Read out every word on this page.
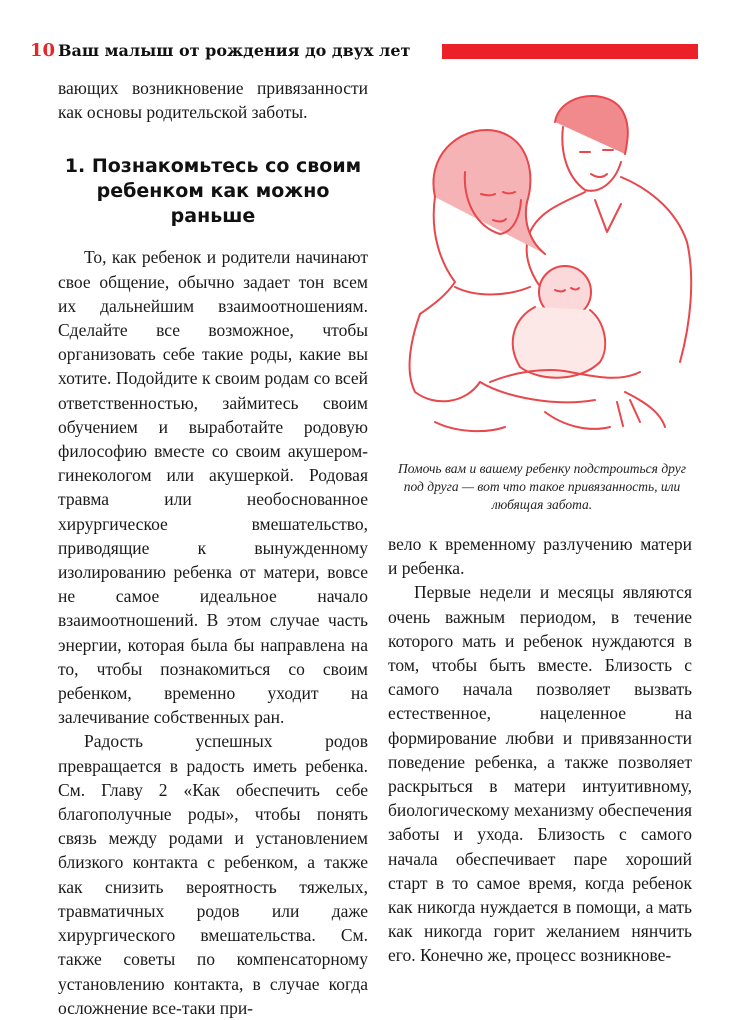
10 Ваш малыш от рождения до двух лет

вающих возникновение привязанности как основы родительской заботы.

1. Познакомьтесь со своим ребенком как можно раньше

То, как ребенок и родители начинают свое общение, обычно задает тон всем их дальнейшим взаимоотношениям. Сделайте все возможное, чтобы организовать себе такие роды, какие вы хотите. Подойдите к своим родам со всей ответственностью, займитесь своим обучением и выработайте родовую философию вместе со своим акушером-гинекологом или акушеркой. Родовая травма или необоснованное хирургическое вмешательство, приводящие к вынужденному изолированию ребенка от матери, вовсе не самое идеальное начало взаимоотношений. В этом случае часть энергии, которая была бы направлена на то, чтобы познакомиться со своим ребенком, временно уходит на залечивание собственных ран.

Радость успешных родов превращается в радость иметь ребенка. См. Главу 2 «Как обеспечить себе благополучные роды», чтобы понять связь между родами и установлением близкого контакта с ребенком, а также как снизить вероятность тяжелых, травматичных родов или даже хирургического вмешательства. См. также советы по компенсаторному установлению контакта, в случае когда осложнение все-таки при-

Помочь вам и вашему ребенку подстроиться друг под друга — вот что такое привязанность, или любящая забота.

вело к временному разлучению матери и ребенка.

Первые недели и месяцы являются очень важным периодом, в течение которого мать и ребенок нуждаются в том, чтобы быть вместе. Близость с самого начала позволяет вызвать естественное, нацеленное на формирование любви и привязанности поведение ребенка, а также позволяет раскрыться в матери интуитивному, биологическому механизму обеспечения заботы и ухода. Близость с самого начала обеспечивает паре хороший старт в то самое время, когда ребенок как никогда нуждается в помощи, а мать как никогда горит желанием нянчить его. Конечно же, процесс возникнове-
